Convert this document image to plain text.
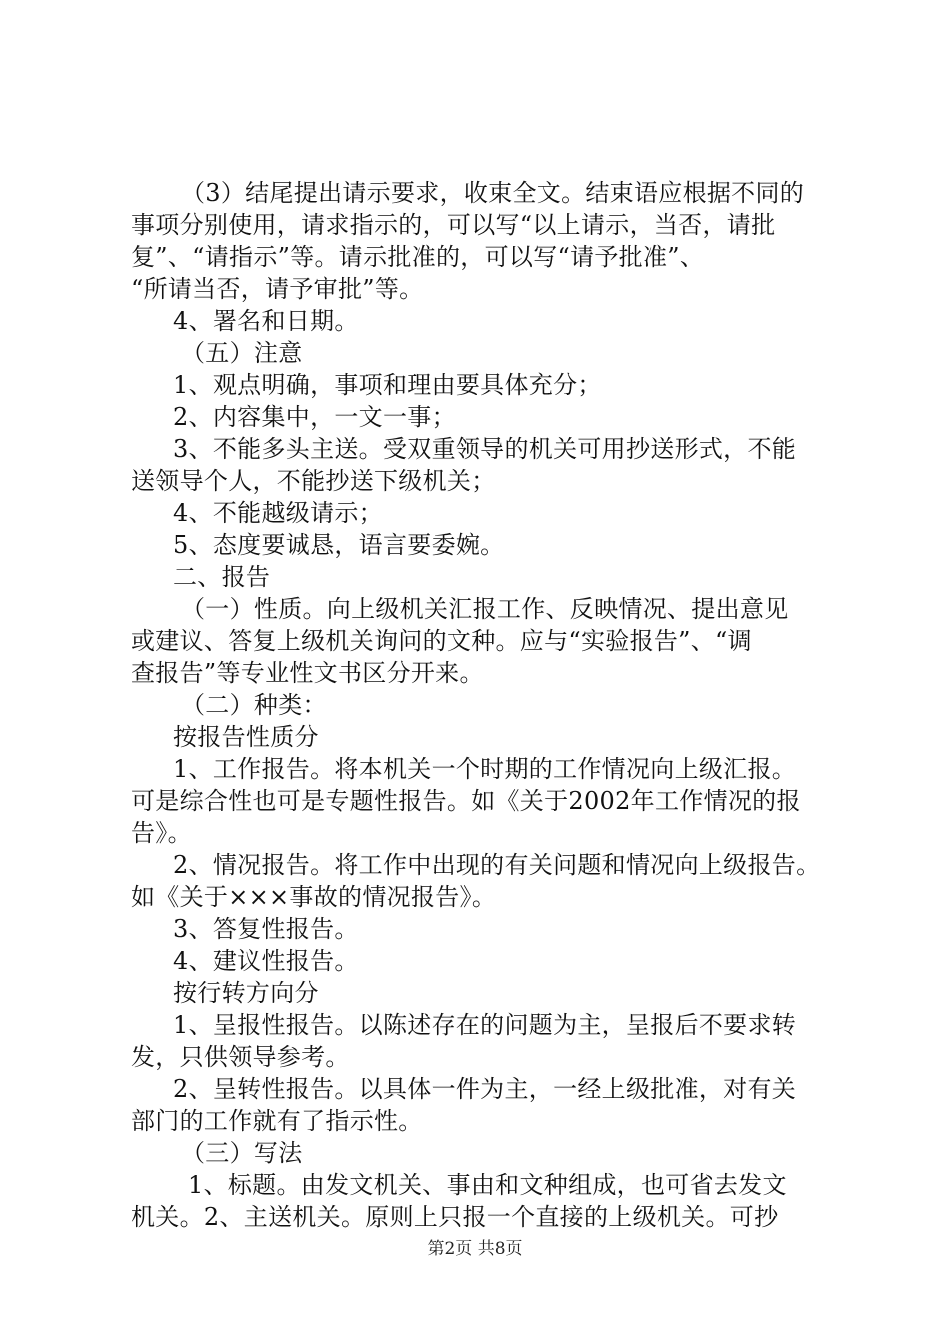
（3）结尾提出请示要求，收束全文。结束语应根据不同的
事项分别使用，请求指示的，可以写“以上请示，当否，请批
复”、“请指示”等。请示批准的，可以写“请予批准”、
“所请当否，请予审批”等。
4、署名和日期。
（五）注意
1、观点明确，事项和理由要具体充分；
2、内容集中，一文一事；
3、不能多头主送。受双重领导的机关可用抄送形式，不能
送领导个人，不能抄送下级机关；
4、不能越级请示；
5、态度要诚恳，语言要委婉。
二、报告
（一）性质。向上级机关汇报工作、反映情况、提出意见
或建议、答复上级机关询问的文种。应与“实验报告”、“调
查报告”等专业性文书区分开来。
（二）种类：
按报告性质分
1、工作报告。将本机关一个时期的工作情况向上级汇报。
可是综合性也可是专题性报告。如《关于2002年工作情况的报
告》。
2、情况报告。将工作中出现的有关问题和情况向上级报告。
如《关于×××事故的情况报告》。
3、答复性报告。
4、建议性报告。
按行转方向分
1、呈报性报告。以陈述存在的问题为主，呈报后不要求转
发，只供领导参考。
2、呈转性报告。以具体一件为主，一经上级批准，对有关
部门的工作就有了指示性。
（三）写法
1、标题。由发文机关、事由和文种组成，也可省去发文
机关。2、主送机关。原则上只报一个直接的上级机关。可抄
第2页 共8页
